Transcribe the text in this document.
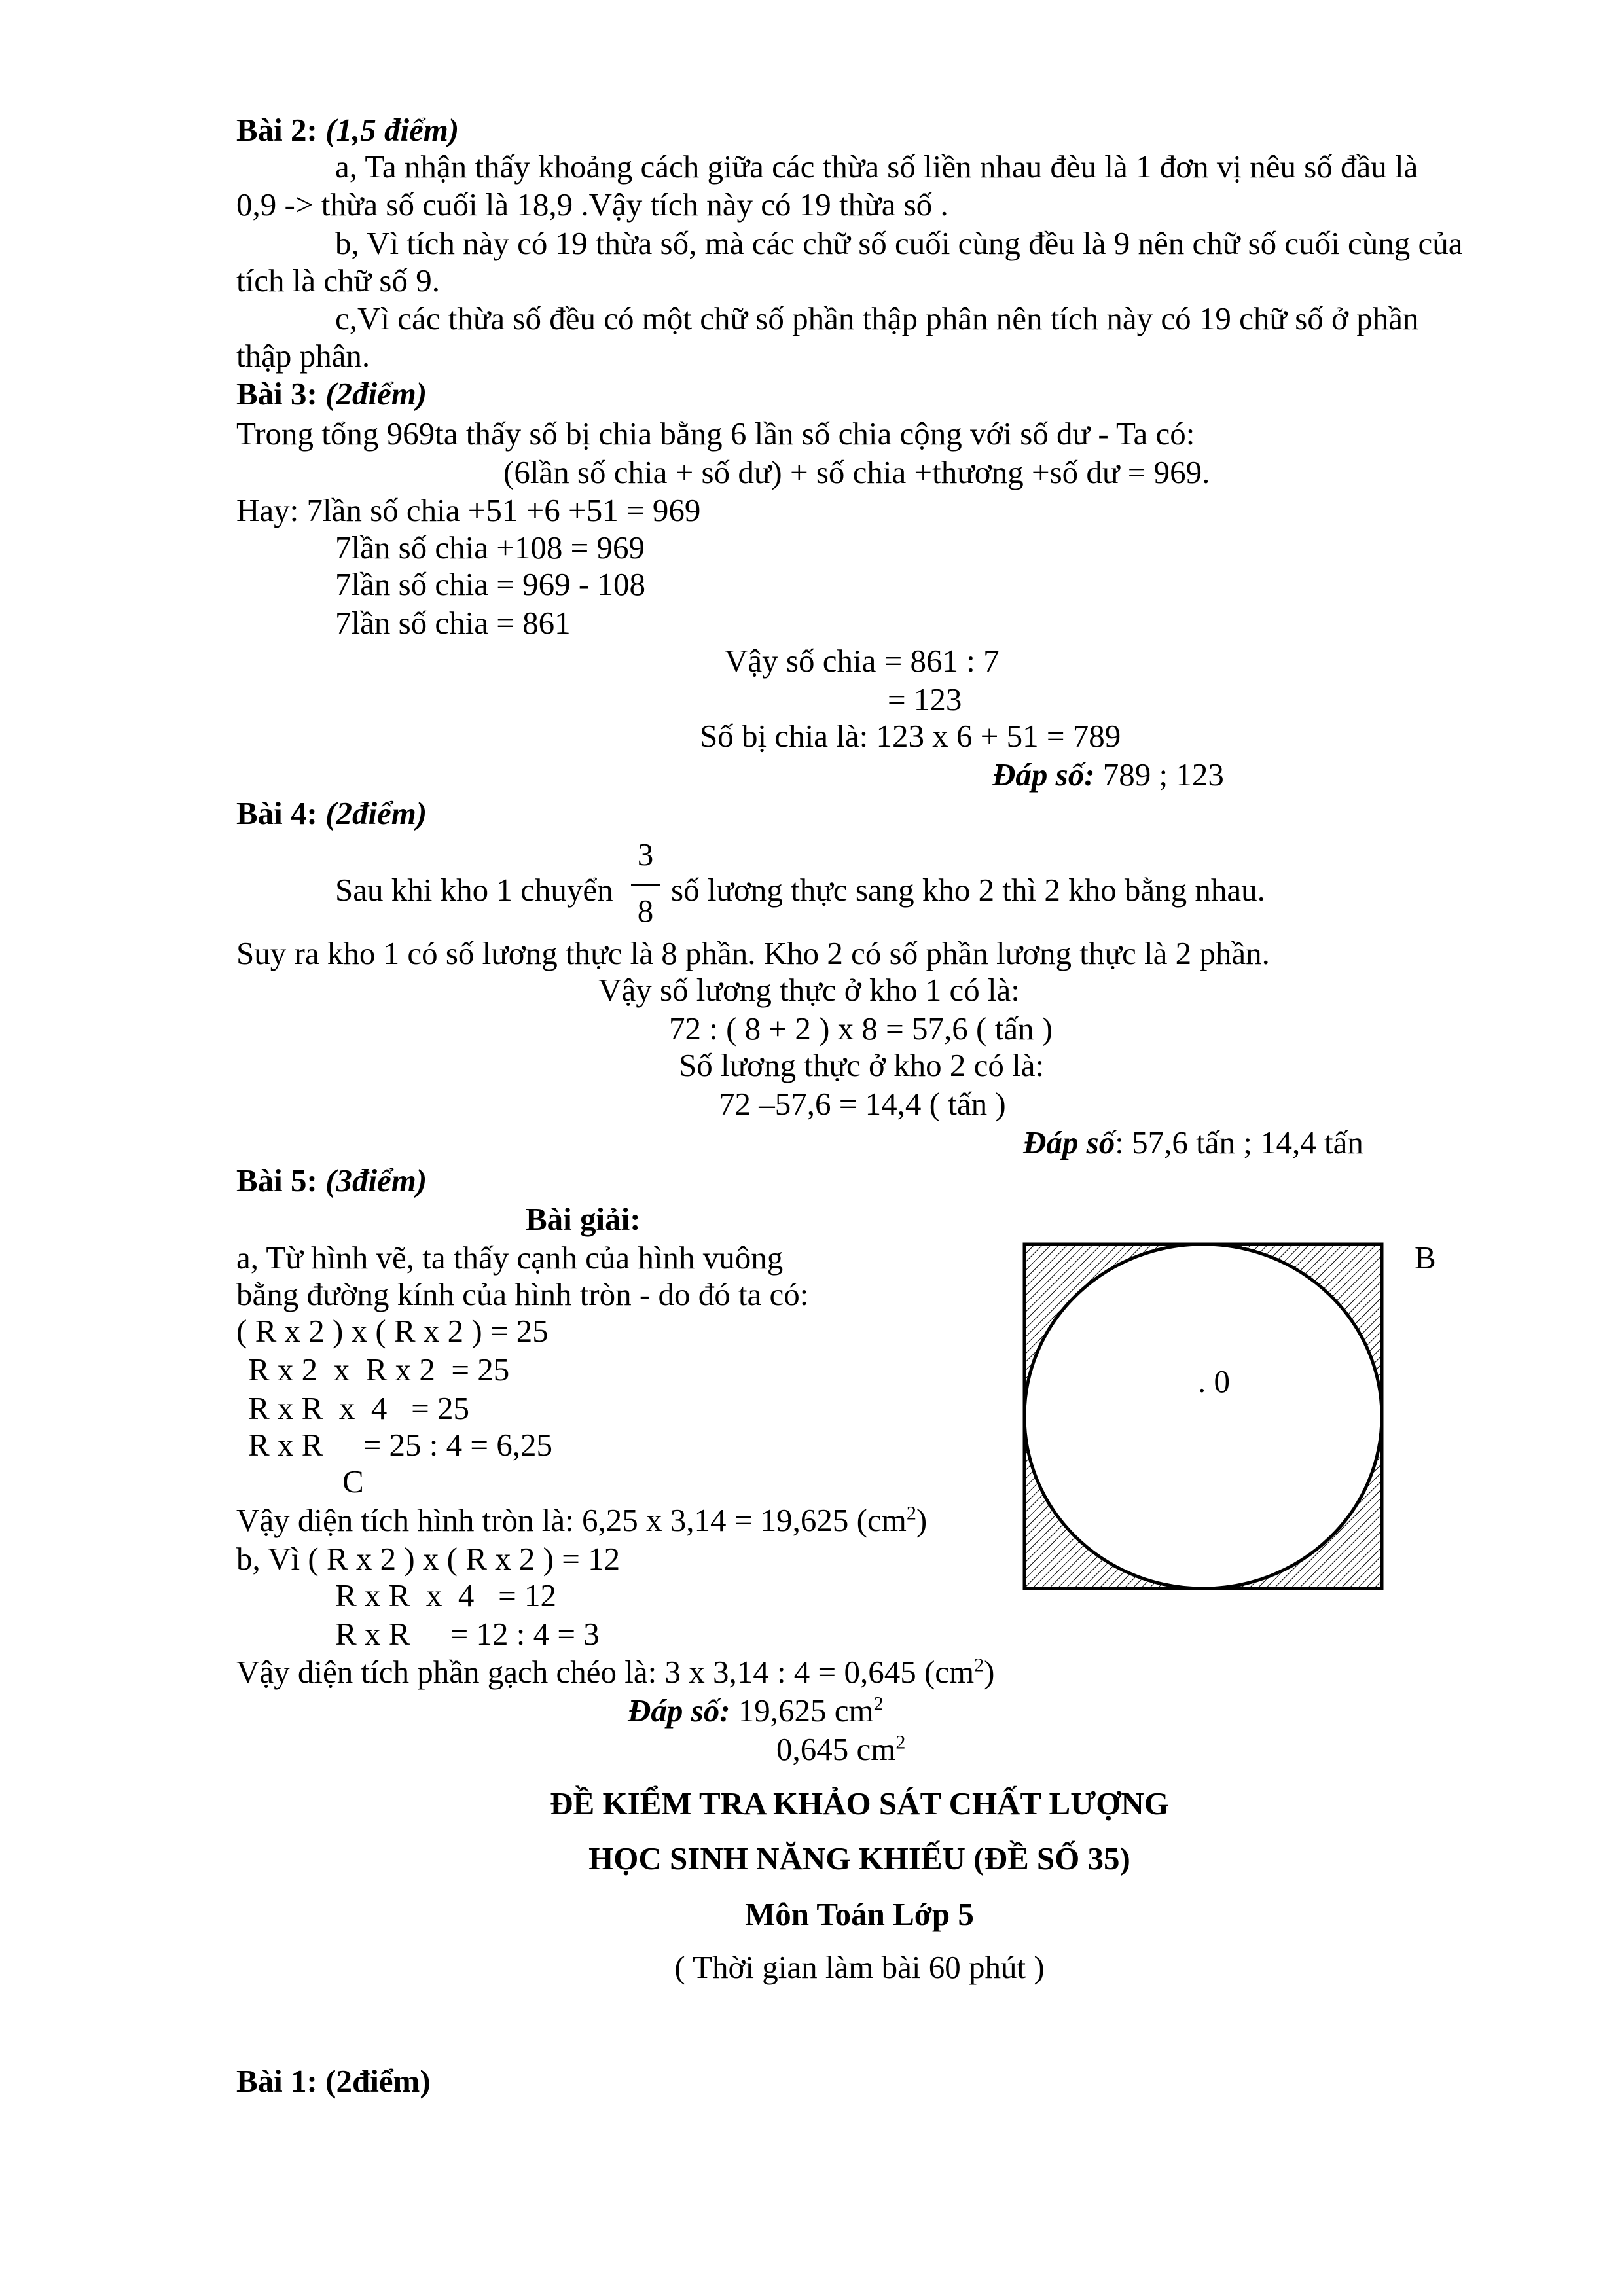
Bài 2: (1,5 điểm)
a, Ta nhận thấy khoảng cách giữa các thừa số liền nhau đèu là 1 đơn vị nêu số đầu là
0,9 -> thừa số cuối là 18,9 .Vậy tích này có 19 thừa số .
b, Vì tích này có 19 thừa số, mà các chữ số cuối cùng đều là 9 nên chữ số cuối cùng của
tích là chữ số 9.
c,Vì các thừa số đều có một chữ số phần thập phân nên tích này có 19 chữ số ở phần
thập phân.
Bài 3: (2điểm)
Trong tổng 969ta thấy số bị chia bằng 6 lần số chia cộng với số dư - Ta có:
(6lần số chia + số dư) + số chia +thương +số dư = 969.
Hay: 7lần số chia +51 +6 +51 = 969
7lần số chia +108 = 969
7lần số chia = 969 - 108
7lần số chia = 861
Vậy số chia = 861 : 7
= 123
Số bị chia là: 123 x 6 + 51 = 789
Đáp số: 789 ; 123
Bài 4: (2điểm)
Sau khi kho 1 chuyển
3
8
số lương thực sang kho 2 thì 2 kho bằng nhau.
Suy ra kho 1 có số lương thực là 8 phần. Kho 2 có số phần lương thực là 2 phần.
Vậy số lương thực ở kho 1 có là:
72 : ( 8 + 2 ) x 8 = 57,6 ( tấn )
Số lương thực ở kho 2 có là:
72 –57,6 = 14,4 ( tấn )
Đáp số: 57,6 tấn ; 14,4 tấn
Bài 5: (3điểm)
Bài giải:
a, Từ hình vẽ, ta thấy cạnh của hình vuông
bằng đường kính của hình tròn - do đó ta có:
( R x 2 ) x ( R x 2 ) = 25
R x 2  x  R x 2  = 25
R x R  x  4   = 25
R x R     = 25 : 4 = 6,25
C
Vậy diện tích hình tròn là: 6,25 x 3,14 = 19,625 $(cm^2)$
b, Vì ( R x 2 ) x ( R x 2 ) = 12
R x R  x  4   = 12
R x R     = 12 : 4 = 3
Vậy diện tích phần gạch chéo là: 3 x 3,14 : 4 = 0,645 $(cm^2)$
Đáp số: 19,625 $cm^2$
0,645 $cm^2$
B
. 0
ĐỀ KIỂM TRA KHẢO SÁT CHẤT LƯỢNG
HỌC SINH NĂNG KHIẾU (ĐỀ SỐ 35)
Môn Toán Lớp 5
( Thời gian làm bài 60 phút )
Bài 1: (2điểm)
